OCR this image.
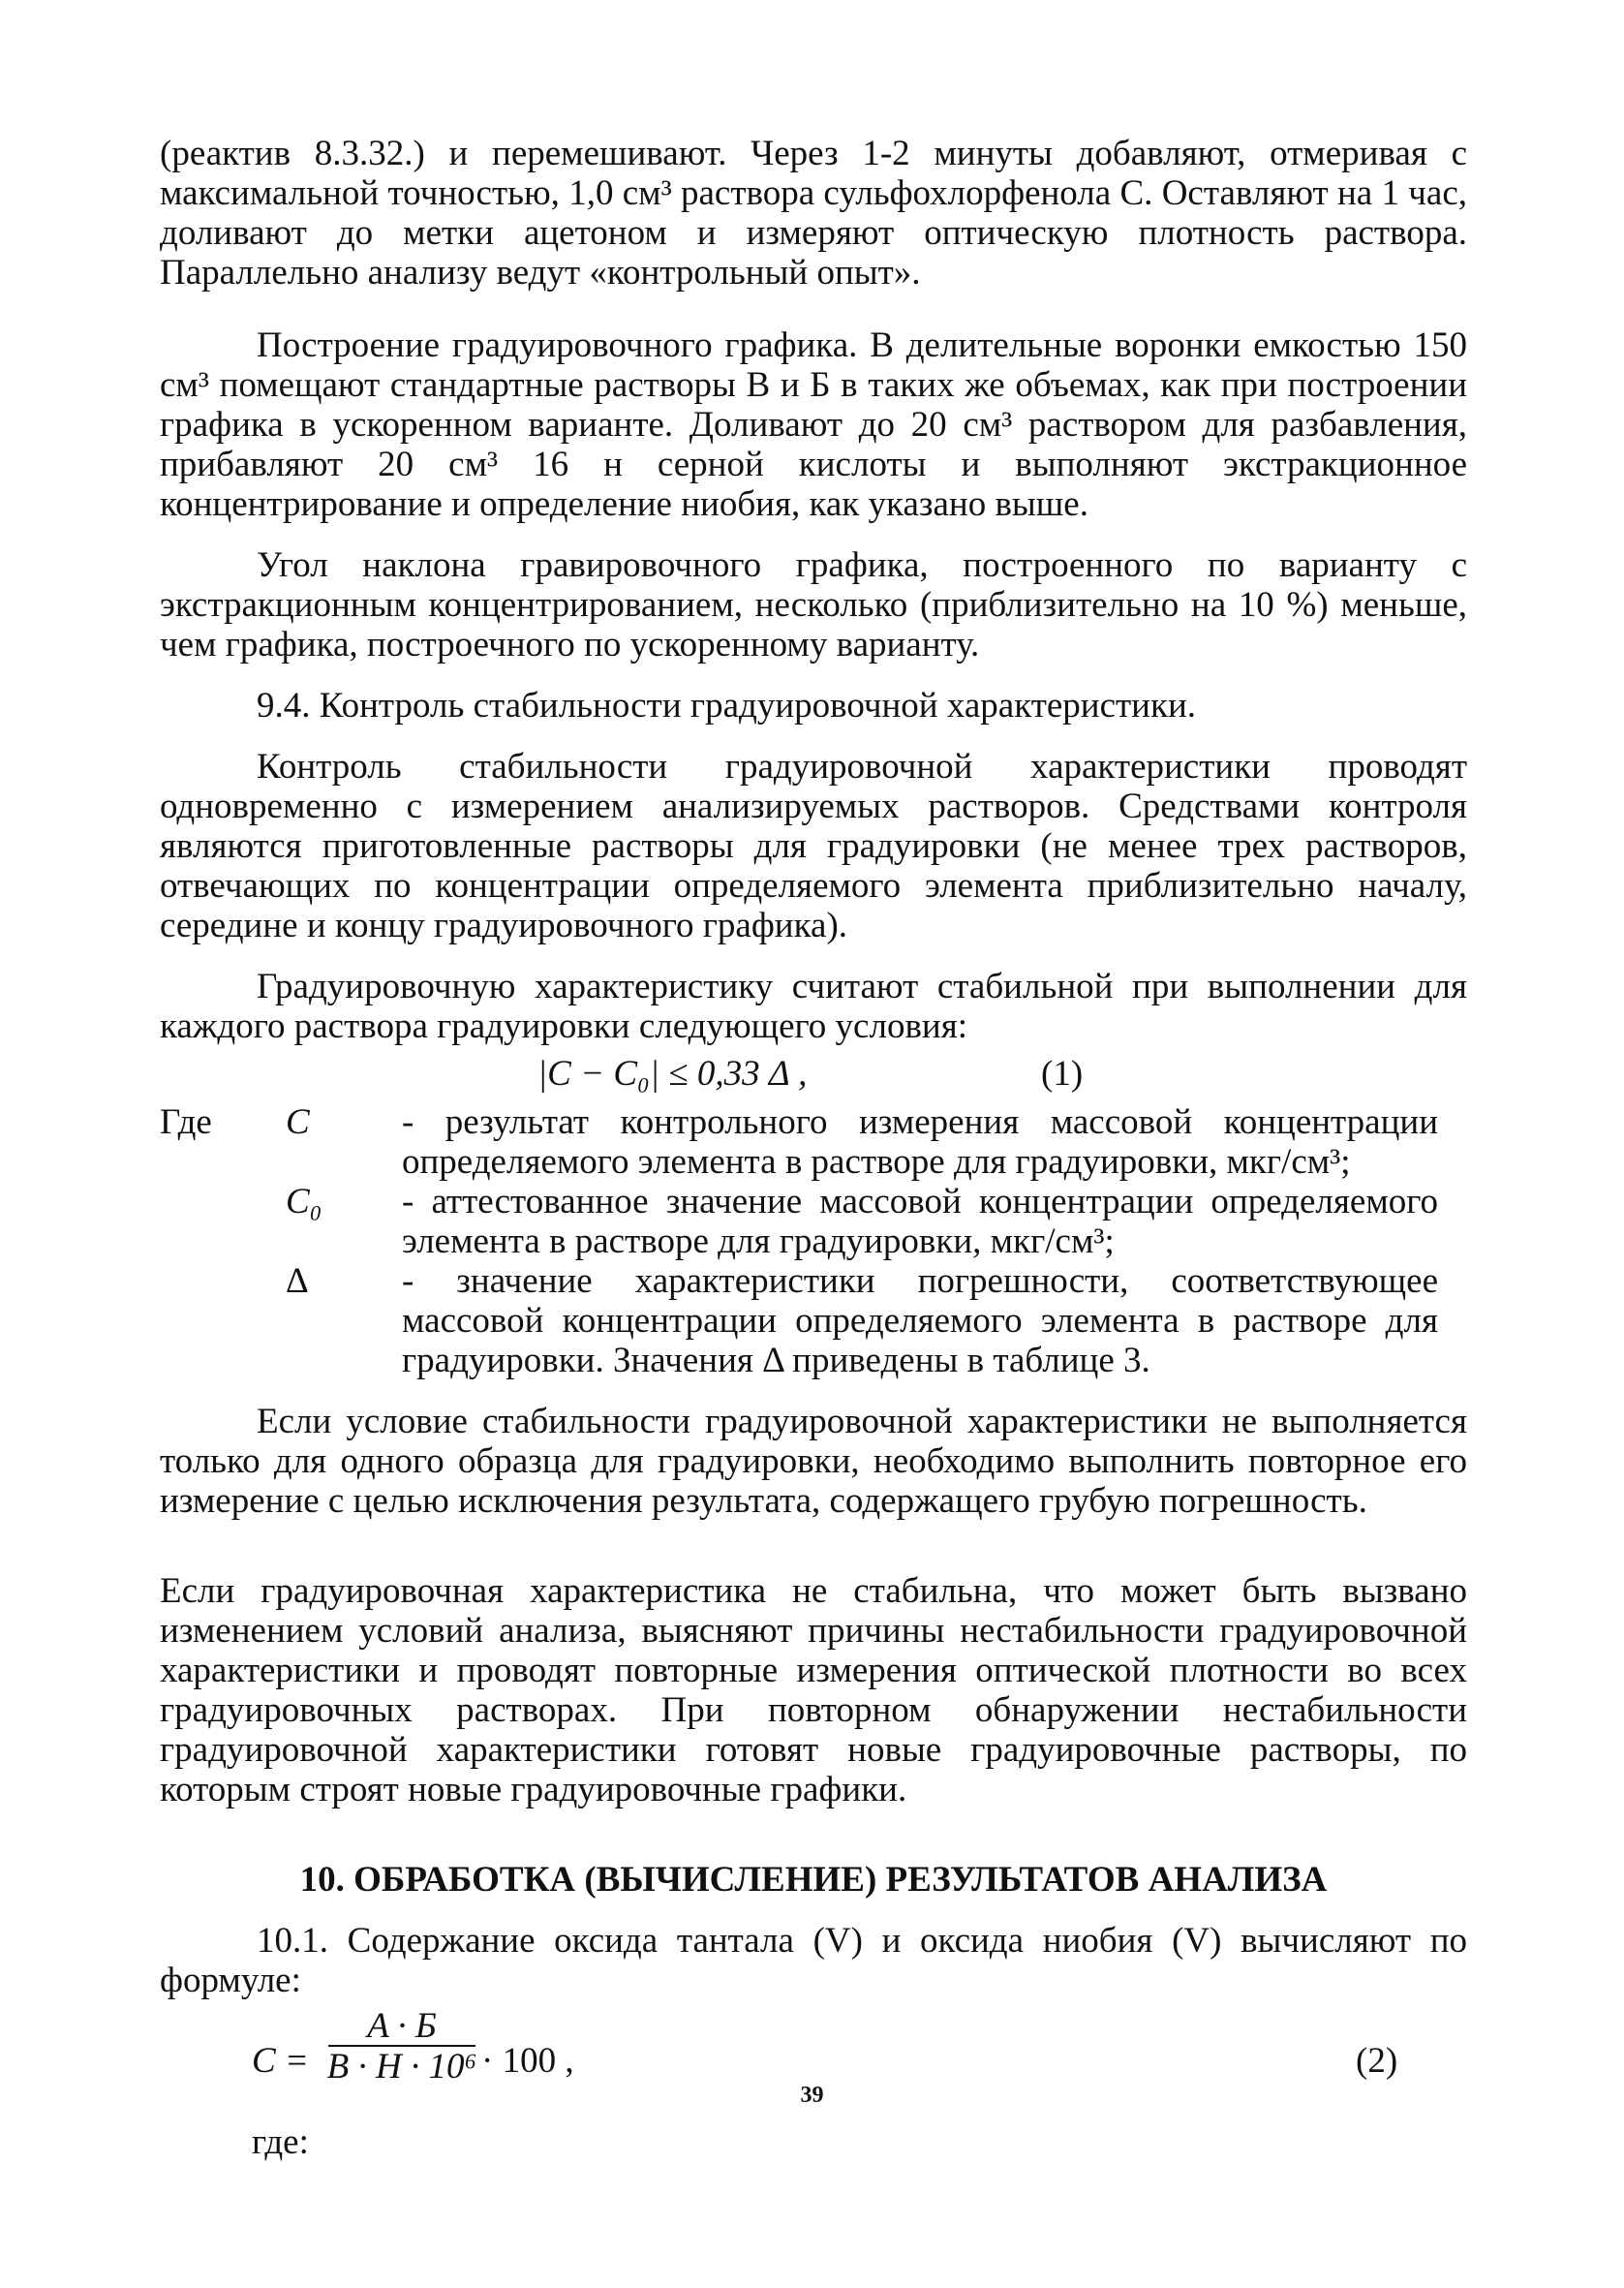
(реактив 8.3.32.) и перемешивают. Через 1-2 минуты добавляют, отмеривая с максимальной точностью, 1,0 см³ раствора сульфохлорфенола С. Оставляют на 1 час, доливают до метки ацетоном и измеряют оптическую плотность раствора. Параллельно анализу ведут «контрольный опыт».

Построение градуировочного графика. В делительные воронки емкостью 150 см³ помещают стандартные растворы В и Б в таких же объемах, как при построении графика в ускоренном варианте. Доливают до 20 см³ раствором для разбавления, прибавляют 20 см³ 16 н серной кислоты и выполняют экстракционное концентрирование и определение ниобия, как указано выше.

Угол наклона гравировочного графика, построенного по варианту с экстракционным концентрированием, несколько (приблизительно на 10 %) меньше, чем графика, построечного по ускоренному варианту.

9.4. Контроль стабильности градуировочной характеристики.

Контроль стабильности градуировочной характеристики проводят одновременно с измерением анализируемых растворов. Средствами контроля являются приготовленные растворы для градуировки (не менее трех растворов, отвечающих по концентрации определяемого элемента приблизительно началу, середине и концу градуировочного графика).

Градуировочную характеристику считают стабильной при выполнении для каждого раствора градуировки следующего условия:

|C − C₀| ≤ 0,33 Δ ,	(1)
Где	C	- результат контрольного измерения массовой концентрации определяемого элемента в растворе для градуировки, мкг/см³;
C₀	- аттестованное значение массовой концентрации определяемого элемента в растворе для градуировки, мкг/см³;
Δ	- значение характеристики погрешности, соответствующее массовой концентрации определяемого элемента в растворе для градуировки. Значения Δ приведены в таблице 3.

Если условие стабильности градуировочной характеристики не выполняется только для одного образца для градуировки, необходимо выполнить повторное его измерение с целью исключения результата, содержащего грубую погрешность.

Если градуировочная характеристика не стабильна, что может быть вызвано изменением условий анализа, выясняют причины нестабильности градуировочной характеристики и проводят повторные измерения оптической плотности во всех градуировочных растворах. При повторном обнаружении нестабильности градуировочной характеристики готовят новые градуировочные растворы, по которым строят новые градуировочные графики.

10. ОБРАБОТКА (ВЫЧИСЛЕНИЕ) РЕЗУЛЬТАТОВ АНАЛИЗА

10.1. Содержание оксида тантала (V) и оксида ниобия (V) вычисляют по формуле:

C =
A · Б
B · H · 10⁶ · 100 ,	(2)
где:
39
